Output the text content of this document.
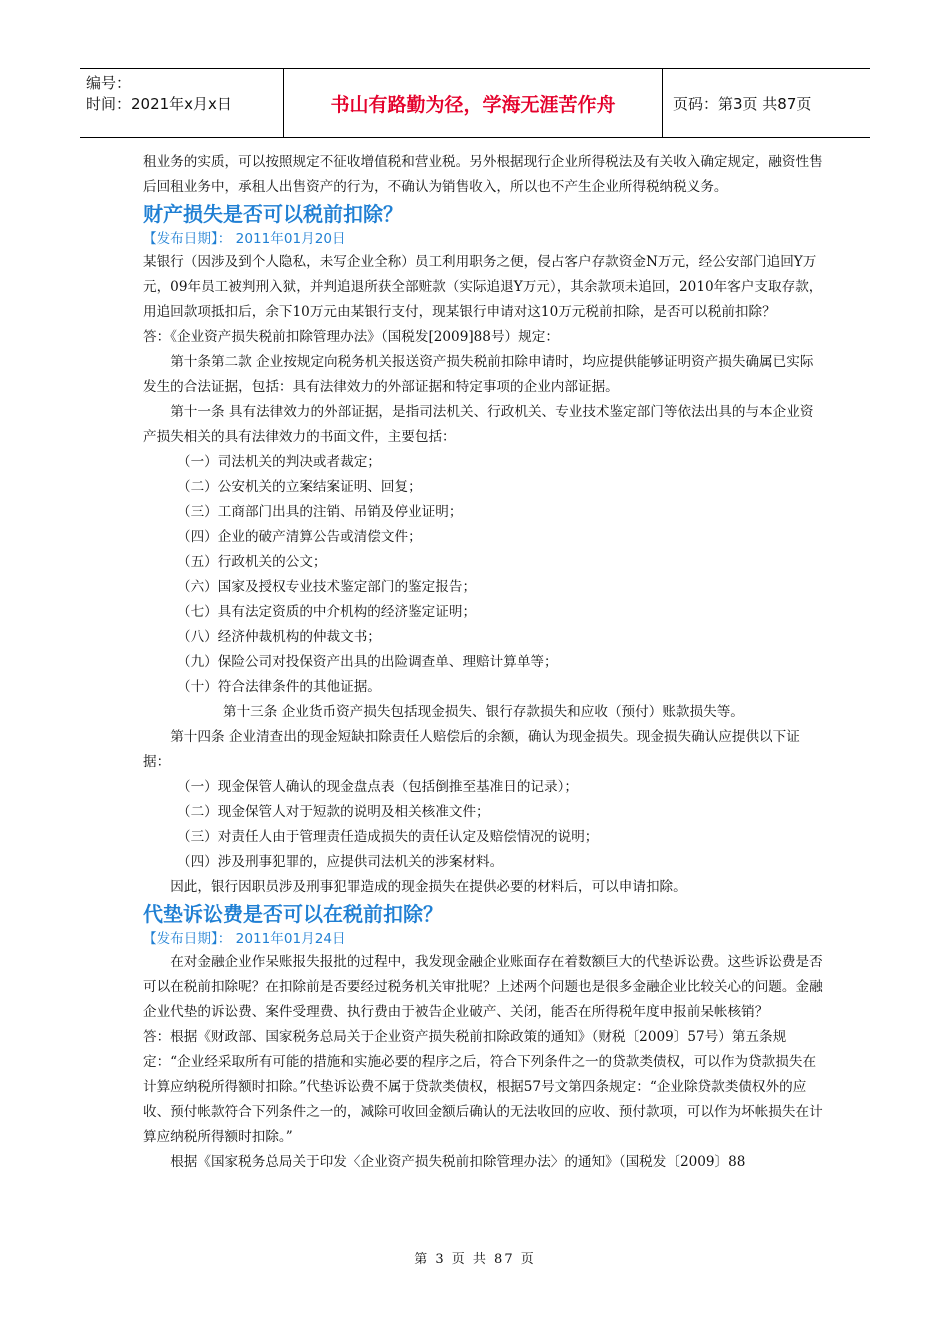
编号：
时间：2021年x月x日	书山有路勤为径，学海无涯苦作舟	页码：第3页 共87页

租业务的实质，可以按照规定不征收增值税和营业税。另外根据现行企业所得税法及有关收入确定规定，融资性售后回租业务中，承租人出售资产的行为，不确认为销售收入，所以也不产生企业所得税纳税义务。

财产损失是否可以税前扣除？

【发布日期】： 2011年01月20日

某银行（因涉及到个人隐私，未写企业全称）员工利用职务之便，侵占客户存款资金N万元，经公安部门追回Y万元，09年员工被判刑入狱，并判追退所获全部赃款（实际追退Y万元），其余款项未追回，2010年客户支取存款，用追回款项抵扣后，余下10万元由某银行支付，现某银行申请对这10万元税前扣除，是否可以税前扣除？

答：《企业资产损失税前扣除管理办法》（国税发[2009]88号）规定：

第十条第二款 企业按规定向税务机关报送资产损失税前扣除申请时，均应提供能够证明资产损失确属已实际发生的合法证据，包括：具有法律效力的外部证据和特定事项的企业内部证据。

第十一条 具有法律效力的外部证据，是指司法机关、行政机关、专业技术鉴定部门等依法出具的与本企业资产损失相关的具有法律效力的书面文件，主要包括：

（一）司法机关的判决或者裁定；

（二）公安机关的立案结案证明、回复；

（三）工商部门出具的注销、吊销及停业证明；

（四）企业的破产清算公告或清偿文件；

（五）行政机关的公文；

（六）国家及授权专业技术鉴定部门的鉴定报告；

（七）具有法定资质的中介机构的经济鉴定证明；

（八）经济仲裁机构的仲裁文书；

（九）保险公司对投保资产出具的出险调查单、理赔计算单等；

（十）符合法律条件的其他证据。

第十三条 企业货币资产损失包括现金损失、银行存款损失和应收（预付）账款损失等。

第十四条 企业清查出的现金短缺扣除责任人赔偿后的余额，确认为现金损失。现金损失确认应提供以下证据：

（一）现金保管人确认的现金盘点表（包括倒推至基准日的记录）；

（二）现金保管人对于短款的说明及相关核准文件；

（三）对责任人由于管理责任造成损失的责任认定及赔偿情况的说明；

（四）涉及刑事犯罪的，应提供司法机关的涉案材料。

因此，银行因职员涉及刑事犯罪造成的现金损失在提供必要的材料后，可以申请扣除。

代垫诉讼费是否可以在税前扣除？

【发布日期】： 2011年01月24日

在对金融企业作呆账报失报批的过程中，我发现金融企业账面存在着数额巨大的代垫诉讼费。这些诉讼费是否可以在税前扣除呢？在扣除前是否要经过税务机关审批呢？上述两个问题也是很多金融企业比较关心的问题。金融企业代垫的诉讼费、案件受理费、执行费由于被告企业破产、关闭，能否在所得税年度申报前呆帐核销？

答：根据《财政部、国家税务总局关于企业资产损失税前扣除政策的通知》（财税〔2009〕57号）第五条规定：“企业经采取所有可能的措施和实施必要的程序之后，符合下列条件之一的贷款类债权，可以作为贷款损失在计算应纳税所得额时扣除。”代垫诉讼费不属于贷款类债权，根据57号文第四条规定：“企业除贷款类债权外的应收、预付帐款符合下列条件之一的，减除可收回金额后确认的无法收回的应收、预付款项，可以作为坏帐损失在计算应纳税所得额时扣除。”

根据《国家税务总局关于印发〈企业资产损失税前扣除管理办法〉的通知》（国税发〔2009〕88

第 3 页 共 87 页
